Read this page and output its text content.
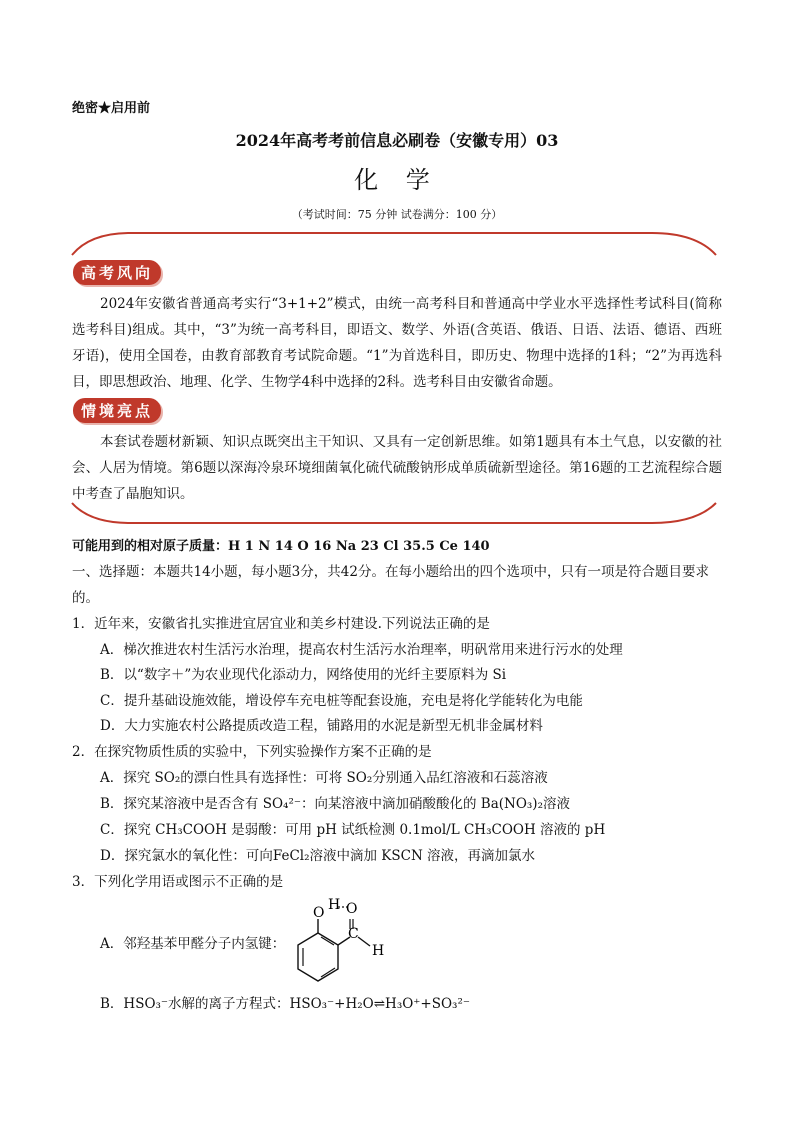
绝密★启用前
2024年高考考前信息必刷卷（安徽专用）03
化 学
（考试时间：75 分钟 试卷满分：100 分）
高考风向
2024年安徽省普通高考实行“3+1+2”模式，由统一高考科目和普通高中学业水平选择性考试科目(简称选考科目)组成。其中，“3”为统一高考科目，即语文、数学、外语(含英语、俄语、日语、法语、德语、西班牙语)，使用全国卷，由教育部教育考试院命题。“1”为首选科目，即历史、物理中选择的1科；“2”为再选科目，即思想政治、地理、化学、生物学4科中选择的2科。选考科目由安徽省命题。
情境亮点
本套试卷题材新颖、知识点既突出主干知识、又具有一定创新思维。如第1题具有本土气息，以安徽的社会、人居为情境。第6题以深海冷泉环境细菌氧化硫代硫酸钠形成单质硫新型途径。第16题的工艺流程综合题中考查了晶胞知识。
可能用到的相对原子质量：H 1 N 14 O 16 Na 23 Cl 35.5 Ce 140
一、选择题：本题共14小题，每小题3分，共42分。在每小题给出的四个选项中，只有一项是符合题目要求的。
1．近年来，安徽省扎实推进宜居宜业和美乡村建设.下列说法正确的是
A．梯次推进农村生活污水治理，提高农村生活污水治理率，明矾常用来进行污水的处理
B．以“数字＋”为农业现代化添动力，网络使用的光纤主要原料为 Si
C．提升基础设施效能，增设停车充电桩等配套设施，充电是将化学能转化为电能
D．大力实施农村公路提质改造工程，铺路用的水泥是新型无机非金属材料
2．在探究物质性质的实验中，下列实验操作方案不正确的是
A．探究 SO₂的漂白性具有选择性：可将 SO₂分别通入品红溶液和石蕊溶液
B．探究某溶液中是否含有 SO₄²⁻：向某溶液中滴加硝酸酸化的 Ba(NO₃)₂溶液
C．探究 CH₃COOH 是弱酸：可用 pH 试纸检测 0.1mol/L CH₃COOH 溶液的 pH
D．探究氯水的氧化性：可向FeCl₂溶液中滴加 KSCN 溶液，再滴加氯水
3．下列化学用语或图示不正确的是
A．邻羟基苯甲醛分子内氢键：
O H O
C
H
B．HSO₃⁻水解的离子方程式：HSO₃⁻+H₂O⇌H₃O⁺+SO₃²⁻
